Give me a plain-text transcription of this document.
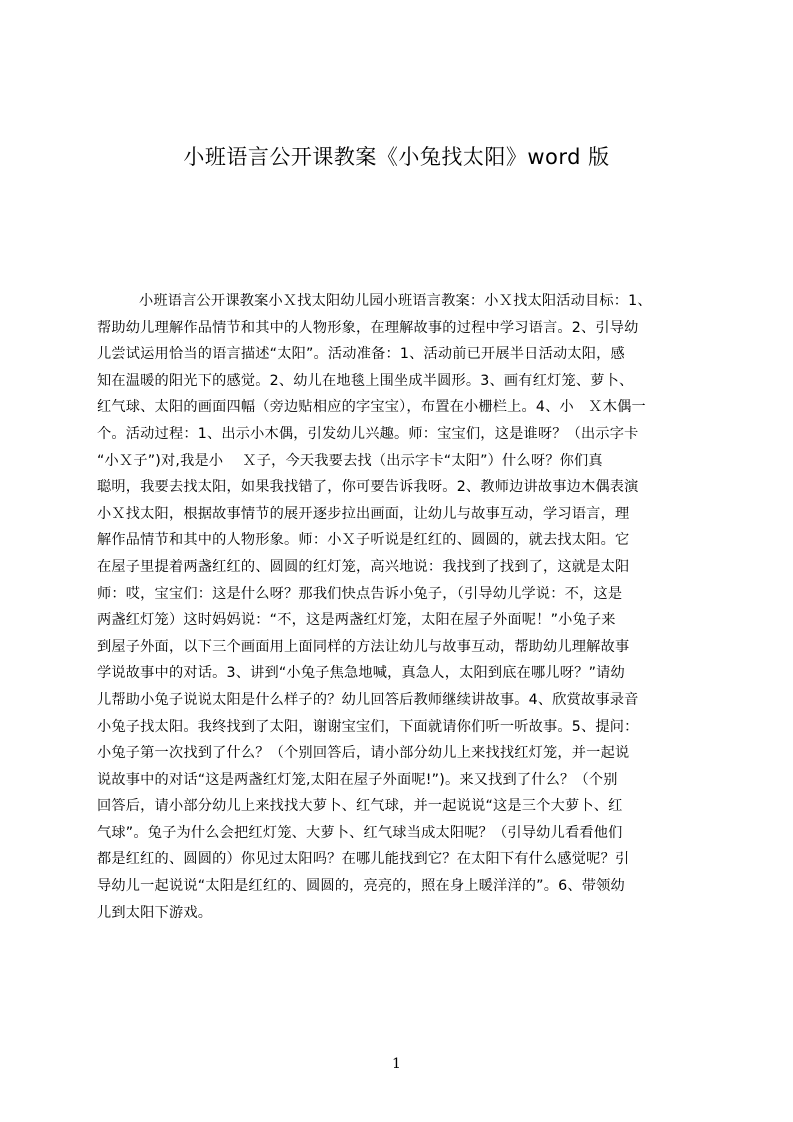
小班语言公开课教案《小兔找太阳》word 版
小班语言公开课教案小Ｘ找太阳幼儿园小班语言教案：小Ｘ找太阳活动目标：1、
帮助幼儿理解作品情节和其中的人物形象，在理解故事的过程中学习语言。2、引导幼
儿尝试运用恰当的语言描述“太阳”。活动准备：1、活动前已开展半日活动太阳，感
知在温暖的阳光下的感觉。2、幼儿在地毯上围坐成半圆形。3、画有红灯笼、萝卜、
红气球、太阳的画面四幅（旁边贴相应的字宝宝），布置在小栅栏上。4、小　Ｘ木偶一
个。活动过程：1、出示小木偶，引发幼儿兴趣。师：宝宝们，这是谁呀？（出示字卡
“小Ｘ子”)对,我是小　 Ｘ子，今天我要去找（出示字卡“太阳”）什么呀？你们真
聪明，我要去找太阳，如果我找错了，你可要告诉我呀。2、教师边讲故事边木偶表演
小Ｘ找太阳，根据故事情节的展开逐步拉出画面，让幼儿与故事互动，学习语言，理
解作品情节和其中的人物形象。师：小Ｘ子听说是红红的、圆圆的，就去找太阳。它
在屋子里提着两盏红红的、圆圆的红灯笼，高兴地说：我找到了找到了，这就是太阳
师：哎，宝宝们：这是什么呀？那我们快点告诉小兔子，（引导幼儿学说：不，这是
两盏红灯笼）这时妈妈说：“不，这是两盏红灯笼，太阳在屋子外面呢！”小兔子来
到屋子外面，以下三个画面用上面同样的方法让幼儿与故事互动，帮助幼儿理解故事
学说故事中的对话。3、讲到“小兔子焦急地喊，真急人，太阳到底在哪儿呀？”请幼
儿帮助小兔子说说太阳是什么样子的？幼儿回答后教师继续讲故事。4、欣赏故事录音
小兔子找太阳。我终找到了太阳，谢谢宝宝们，下面就请你们听一听故事。5、提问：
小兔子第一次找到了什么？（个别回答后，请小部分幼儿上来找找红灯笼，并一起说
说故事中的对话“这是两盏红灯笼,太阳在屋子外面呢!”)。来又找到了什么？（个别
回答后，请小部分幼儿上来找找大萝卜、红气球，并一起说说“这是三个大萝卜、红
气球”。兔子为什么会把红灯笼、大萝卜、红气球当成太阳呢？（引导幼儿看看他们
都是红红的、圆圆的）你见过太阳吗？在哪儿能找到它？在太阳下有什么感觉呢？引
导幼儿一起说说“太阳是红红的、圆圆的，亮亮的，照在身上暖洋洋的”。6、带领幼
儿到太阳下游戏。
1
